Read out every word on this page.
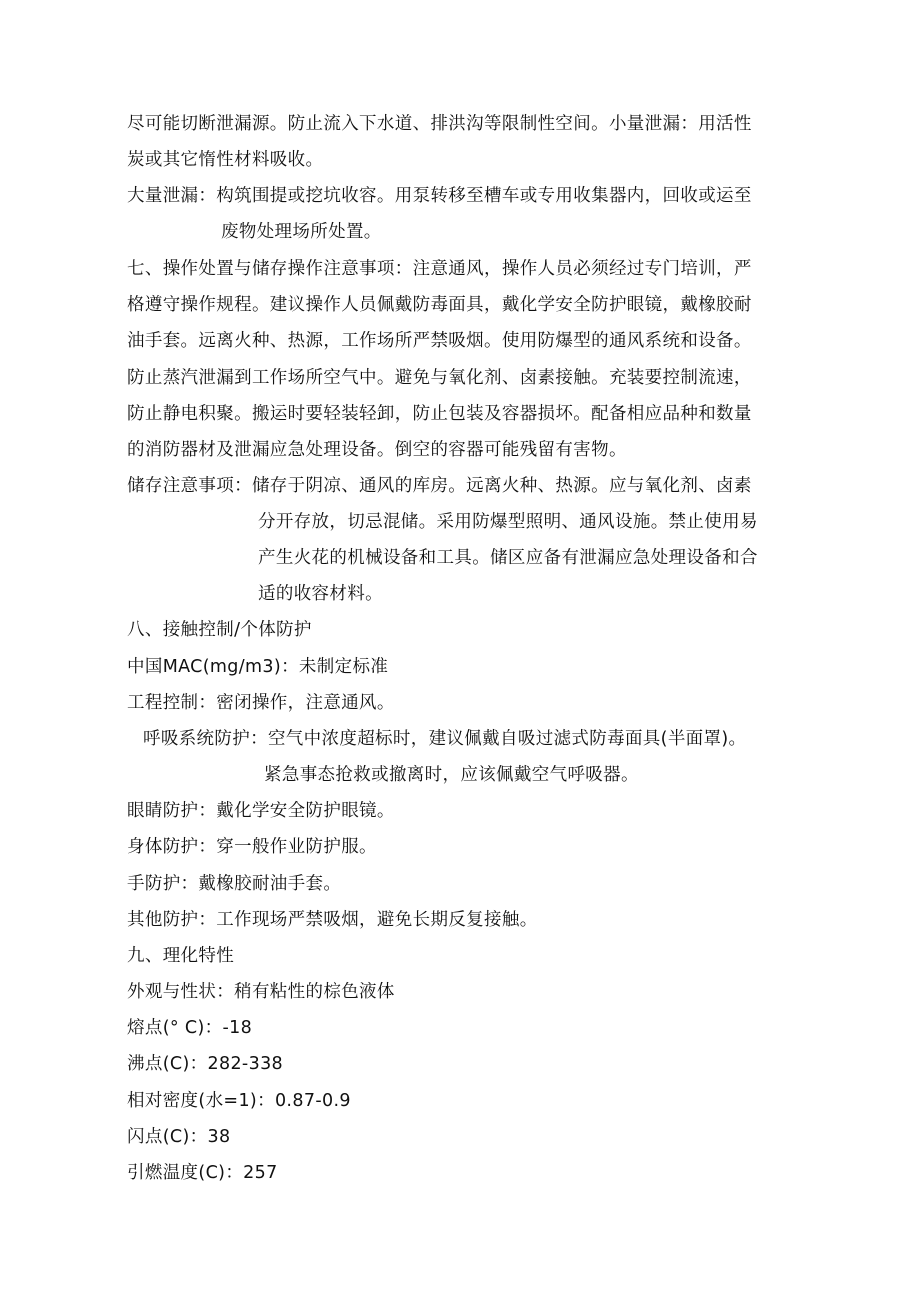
尽可能切断泄漏源。防止流入下水道、排洪沟等限制性空间。小量泄漏：用活性
炭或其它惰性材料吸收。
大量泄漏：构筑围提或挖坑收容。用泵转移至槽车或专用收集器内，回收或运至
废物处理场所处置。
七、操作处置与储存操作注意事项：注意通风，操作人员必须经过专门培训，严
格遵守操作规程。建议操作人员佩戴防毒面具，戴化学安全防护眼镜，戴橡胶耐
油手套。远离火种、热源，工作场所严禁吸烟。使用防爆型的通风系统和设备。
防止蒸汽泄漏到工作场所空气中。避免与氧化剂、卤素接触。充装要控制流速，
防止静电积聚。搬运时要轻装轻卸，防止包装及容器损坏。配备相应品种和数量
的消防器材及泄漏应急处理设备。倒空的容器可能残留有害物。
储存注意事项：储存于阴凉、通风的库房。远离火种、热源。应与氧化剂、卤素
分开存放，切忌混储。采用防爆型照明、通风设施。禁止使用易
产生火花的机械设备和工具。储区应备有泄漏应急处理设备和合
适的收容材料。
八、接触控制/个体防护
中国MAC(mg/m3)：未制定标准
工程控制：密闭操作，注意通风。
呼吸系统防护：空气中浓度超标时，建议佩戴自吸过滤式防毒面具(半面罩)。
紧急事态抢救或撤离时，应该佩戴空气呼吸器。
眼睛防护：戴化学安全防护眼镜。
身体防护：穿一般作业防护服。
手防护：戴橡胶耐油手套。
其他防护：工作现场严禁吸烟，避免长期反复接触。
九、理化特性
外观与性状：稍有粘性的棕色液体
熔点(° C)：-18
沸点(C)：282-338
相对密度(水=1)：0.87-0.9
闪点(C)：38
引燃温度(C)：257
